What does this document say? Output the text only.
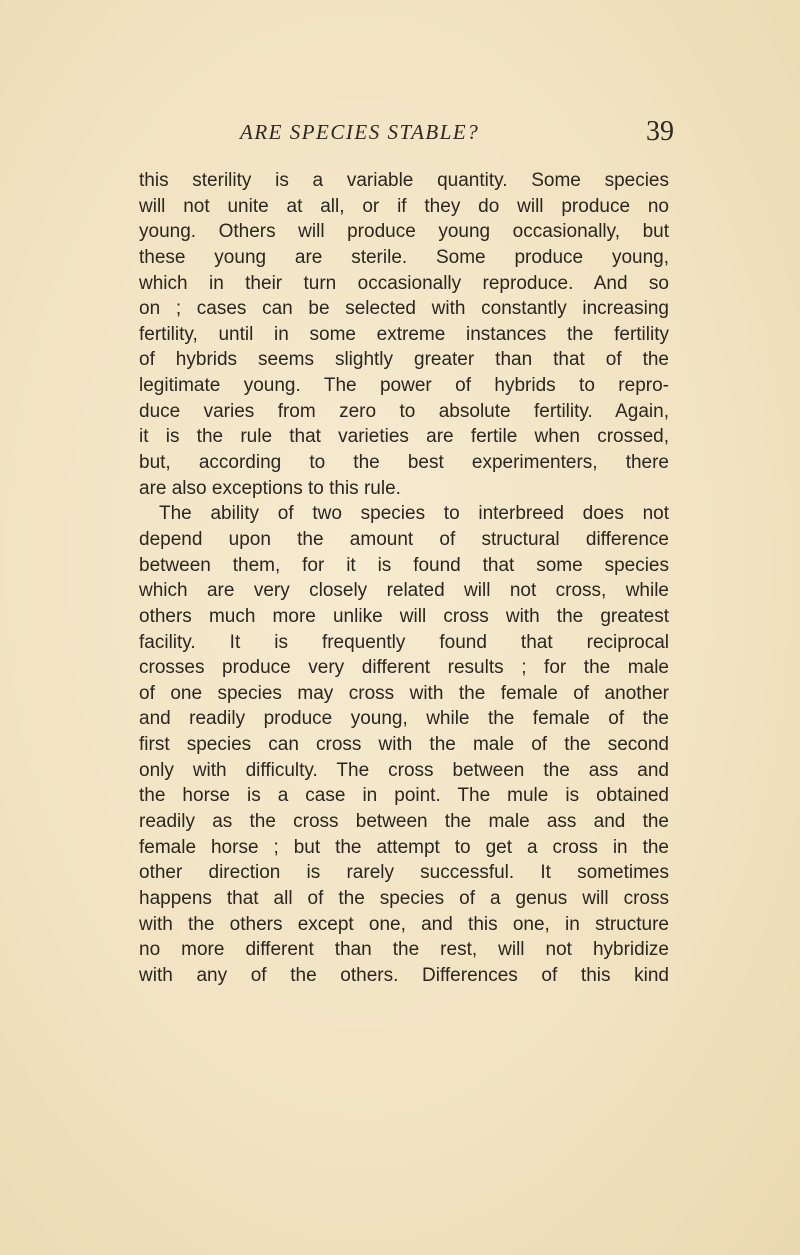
ARE SPECIES STABLE?	39
this sterility is a variable quantity. Some species
will not unite at all, or if they do will produce no
young. Others will produce young occasionally, but
these young are sterile. Some produce young,
which in their turn occasionally reproduce. And so
on ; cases can be selected with constantly increasing
fertility, until in some extreme instances the fertility
of hybrids seems slightly greater than that of the
legitimate young. The power of hybrids to repro-
duce varies from zero to absolute fertility. Again,
it is the rule that varieties are fertile when crossed,
but, according to the best experimenters, there
are also exceptions to this rule.
The ability of two species to interbreed does not
depend upon the amount of structural difference
between them, for it is found that some species
which are very closely related will not cross, while
others much more unlike will cross with the greatest
facility. It is frequently found that reciprocal
crosses produce very different results ; for the male
of one species may cross with the female of another
and readily produce young, while the female of the
first species can cross with the male of the second
only with difficulty. The cross between the ass and
the horse is a case in point. The mule is obtained
readily as the cross between the male ass and the
female horse ; but the attempt to get a cross in the
other direction is rarely successful. It sometimes
happens that all of the species of a genus will cross
with the others except one, and this one, in structure
no more different than the rest, will not hybridize
with any of the others. Differences of this kind
